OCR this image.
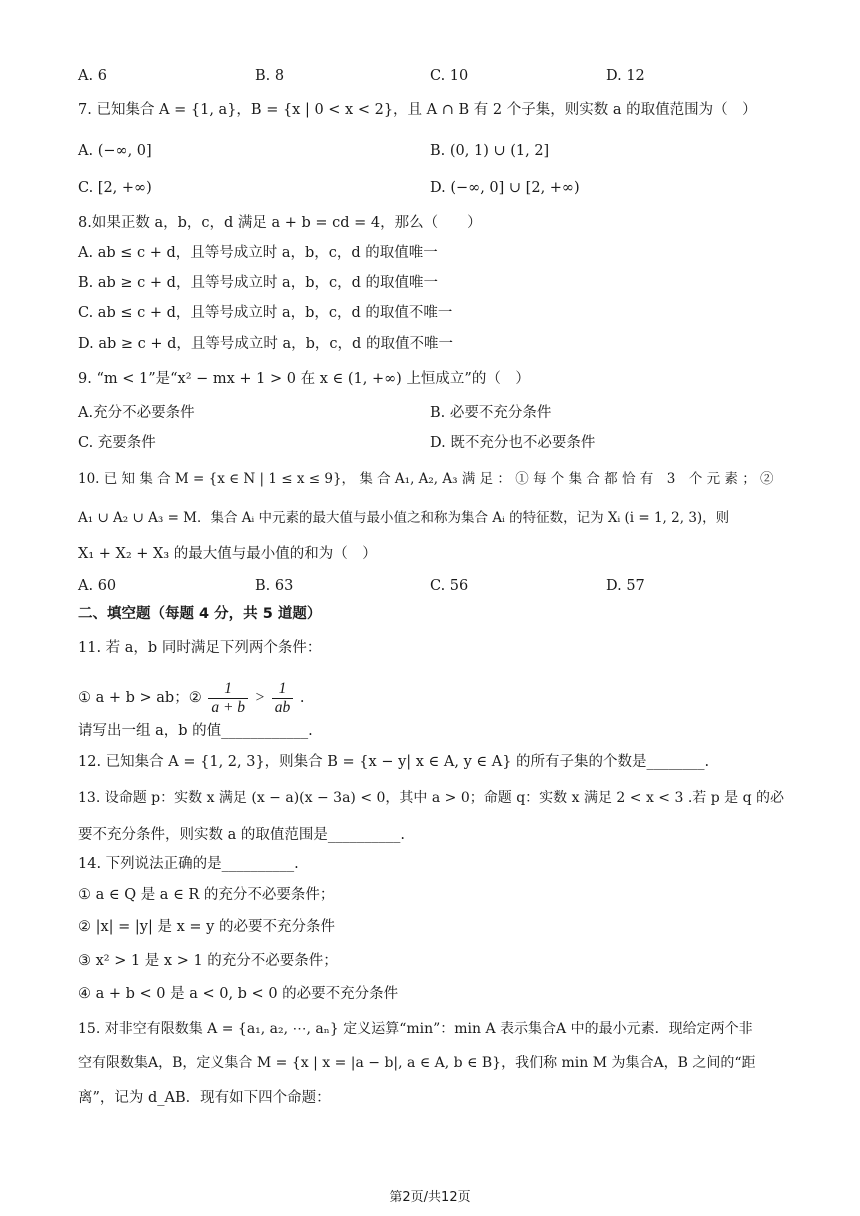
A. 6	B. 8	C. 10	D. 12
7. 已知集合 A = {1, a}，B = {x | 0 < x < 2}，且 A ∩ B 有 2 个子集，则实数 a 的取值范围为（　）
A. (−∞, 0]	B. (0, 1) ∪ (1, 2]
C. [2, +∞)	D. (−∞, 0] ∪ [2, +∞)
8.如果正数 a，b，c，d 满足 a + b = cd = 4，那么（　　）
A. ab ≤ c + d，且等号成立时 a，b，c，d 的取值唯一
B. ab ≥ c + d，且等号成立时 a，b，c，d 的取值唯一
C. ab ≤ c + d，且等号成立时 a，b，c，d 的取值不唯一
D. ab ≥ c + d，且等号成立时 a，b，c，d 的取值不唯一
9. “m < 1”是“x² − mx + 1 > 0 在 x ∈ (1, +∞) 上恒成立”的（　）
A.充分不必要条件	B. 必要不充分条件
C. 充要条件	D. 既不充分也不必要条件
10. 已 知 集 合 M = {x ∈ N | 1 ≤ x ≤ 9}， 集 合 A₁, A₂, A₃ 满 足 ： ① 每 个 集 合 都 恰 有　3　个 元 素 ； ②
A₁ ∪ A₂ ∪ A₃ = M．集合 Aᵢ 中元素的最大值与最小值之和称为集合 Aᵢ 的特征数，记为 Xᵢ (i = 1, 2, 3)，则
X₁ + X₂ + X₃ 的最大值与最小值的和为（　）
A. 60	B. 63	C. 56	D. 57
二、填空题（每题 4 分，共 5 道题）
11. 若 a，b 同时满足下列两个条件：
① a + b > ab；② $\frac{1}{a + b} > \frac{1}{ab}$ .
请写出一组 a，b 的值____________.
12. 已知集合 A = {1, 2, 3}，则集合 B = {x − y| x ∈ A, y ∈ A} 的所有子集的个数是________.
13. 设命题 p：实数 x 满足 (x − a)(x − 3a) < 0，其中 a > 0；命题 q：实数 x 满足 2 < x < 3 .若 p 是 q 的必
要不充分条件，则实数 a 的取值范围是__________.
14. 下列说法正确的是__________.
① a ∈ Q 是 a ∈ R 的充分不必要条件；
② |x| = |y| 是 x = y 的必要不充分条件
③ x² > 1 是 x > 1 的充分不必要条件；
④ a + b < 0 是 a < 0, b < 0 的必要不充分条件
15. 对非空有限数集 A = {a₁, a₂, ⋯, aₙ} 定义运算“min”：min A 表示集合A 中的最小元素．现给定两个非
空有限数集A，B，定义集合 M = {x | x = |a − b|, a ∈ A, b ∈ B}，我们称 min M 为集合A，B 之间的“距
离”，记为 d_AB．现有如下四个命题：
第2页/共12页
